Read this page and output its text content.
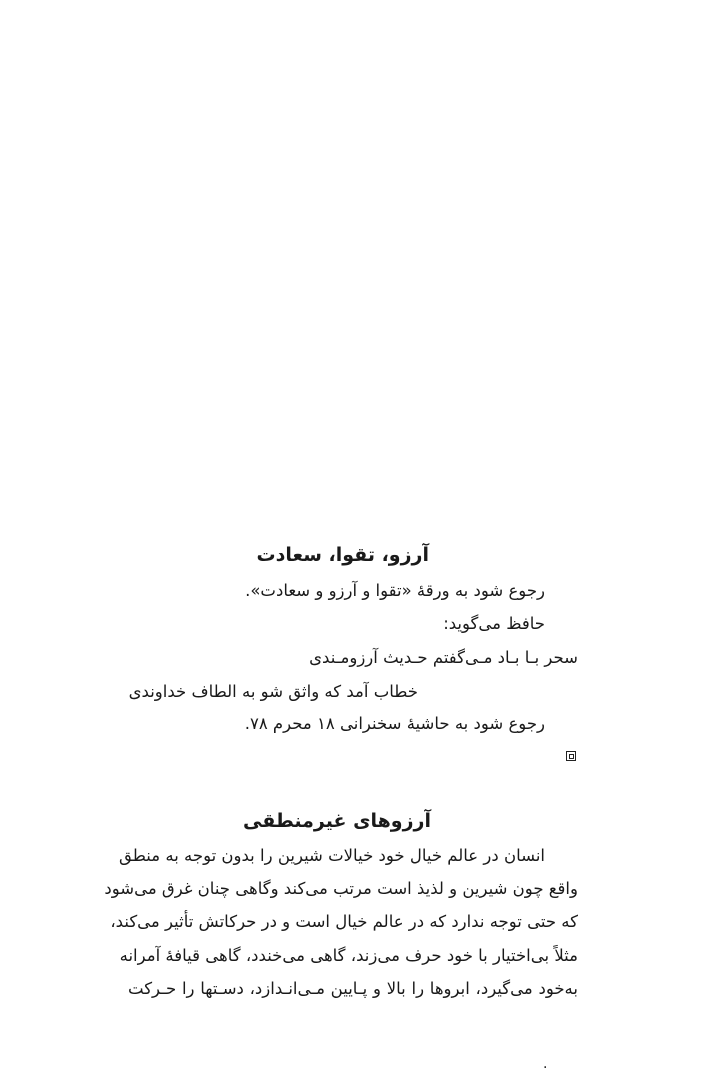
آرزو، تقوا، سعادت
رجوع شود به ورقهٔ «تقوا و آرزو و سعادت».
حافظ می‌گوید:
سحر بـا بـاد مـی‌گفتم حـدیث آرزومـندی
خطاب آمد که واثق شو به الطاف خداوندی
رجوع شود به حاشیهٔ سخنرانی ۱۸ محرم ۷۸.
آرزوهای غیرمنطقی
انسان در عالم خیال خود خیالات شیرین را بدون توجه به منطق
واقع چون شیرین و لذیذ است مرتب می‌کند وگاهی چنان غرق می‌شود
که حتی توجه ندارد که در عالم خیال است و در حرکاتش تأثیر می‌کند،
مثلاً بی‌اختیار با خود حرف می‌زند، گاهی می‌خندد، گاهی قیافهٔ آمرانه
به‌خود می‌گیرد، ابروها را بالا و پـایین مـی‌انـدازد، دسـتها را حـرکت
.
